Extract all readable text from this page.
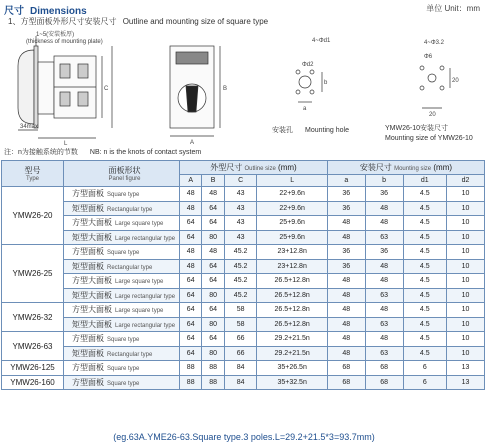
尺寸 Dimensions	单位 Unit：mm
1、方型面板外形尺寸安装尺寸 Outline and mounting size of square type
1~5(安装板厚)
(thickness of mounting plate)
34max
L
C
A
B
4~Φd1
Φd2
a
b
安装孔 Mounting hole
4~Φ3.2
Φ6
20
20
YMW26-10安装尺寸
Mounting size of YMW26-10
注：n为接触系统的节数 NB: n is the knots of contact system
型号
Type	面板形状
Panel figure	外型尺寸 Outline size (mm)				安装尺寸 Mounting size (mm)			
		A	B	C	L	a	b	d1	d2
YMW26-20	方型面板 Square type	48	48	43	22+9.6n	36	36	4.5	10
	矩型面板 Rectangular type	48	64	43	22+9.6n	36	48	4.5	10
	方型大面板 Large square type	64	64	43	25+9.6n	48	48	4.5	10
	矩型大面板 Large rectangular type	64	80	43	25+9.6n	48	63	4.5	10
YMW26-25	方型面板 Square type	48	48	45.2	23+12.8n	36	36	4.5	10
	矩型面板 Rectangular type	48	64	45.2	23+12.8n	36	48	4.5	10
	方型大面板 Large square type	64	64	45.2	26.5+12.8n	48	48	4.5	10
	矩型大面板 Large rectangular type	64	80	45.2	26.5+12.8n	48	63	4.5	10
YMW26-32	方型大面板 Large square type	64	64	58	26.5+12.8n	48	48	4.5	10
	矩型大面板 Large rectangular type	64	80	58	26.5+12.8n	48	63	4.5	10
YMW26-63	方型面板 Square type	64	64	66	29.2+21.5n	48	48	4.5	10
	矩型面板 Rectangular type	64	80	66	29.2+21.5n	48	63	4.5	10
YMW26-125	方型面板 Square type	88	88	84	35+26.5n	68	68	6	13
YMW26-160	方型面板 Square type	88	88	84	35+32.5n	68	68	6	13
(eg.63A.YME26-63.Square type.3 poles.L=29.2+21.5*3=93.7mm)
